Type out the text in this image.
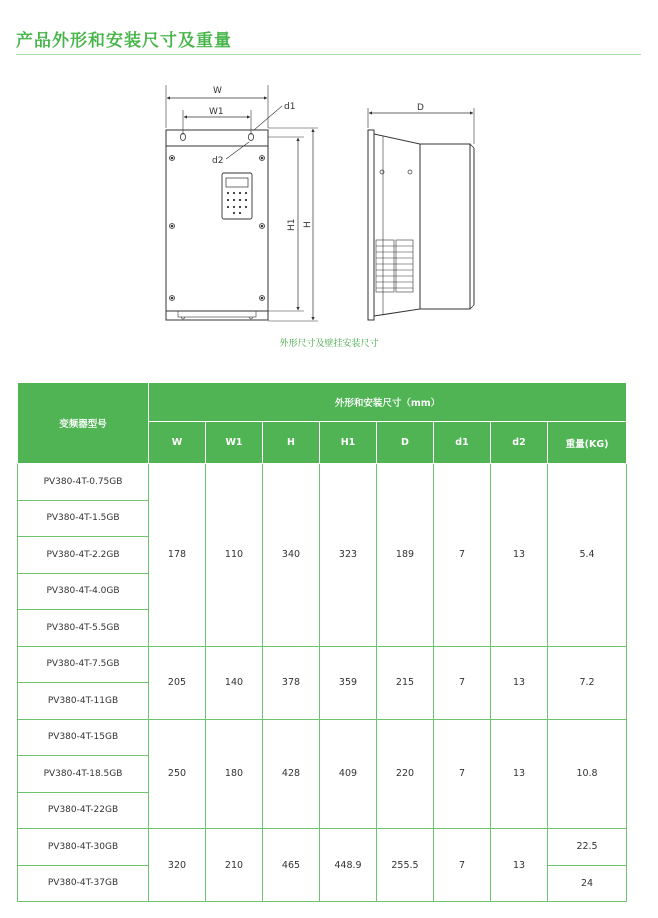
产品外形和安装尺寸及重量
W
W1	d1
d2
D
H1 H
外形尺寸及壁挂安装尺寸
变频器型号	外形和安装尺寸（mm）							
	W	W1	H	H1	D	d1	d2	重量(KG)
PV380-4T-0.75GB	178	110	340	323	189	7	13	5.4
PV380-4T-1.5GB								
PV380-4T-2.2GB								
PV380-4T-4.0GB								
PV380-4T-5.5GB								
PV380-4T-7.5GB	205	140	378	359	215	7	13	7.2
PV380-4T-11GB								
PV380-4T-15GB	250	180	428	409	220	7	13	10.8
PV380-4T-18.5GB								
PV380-4T-22GB								
PV380-4T-30GB	320	210	465	448.9	255.5	7	13	22.5
PV380-4T-37GB								24
